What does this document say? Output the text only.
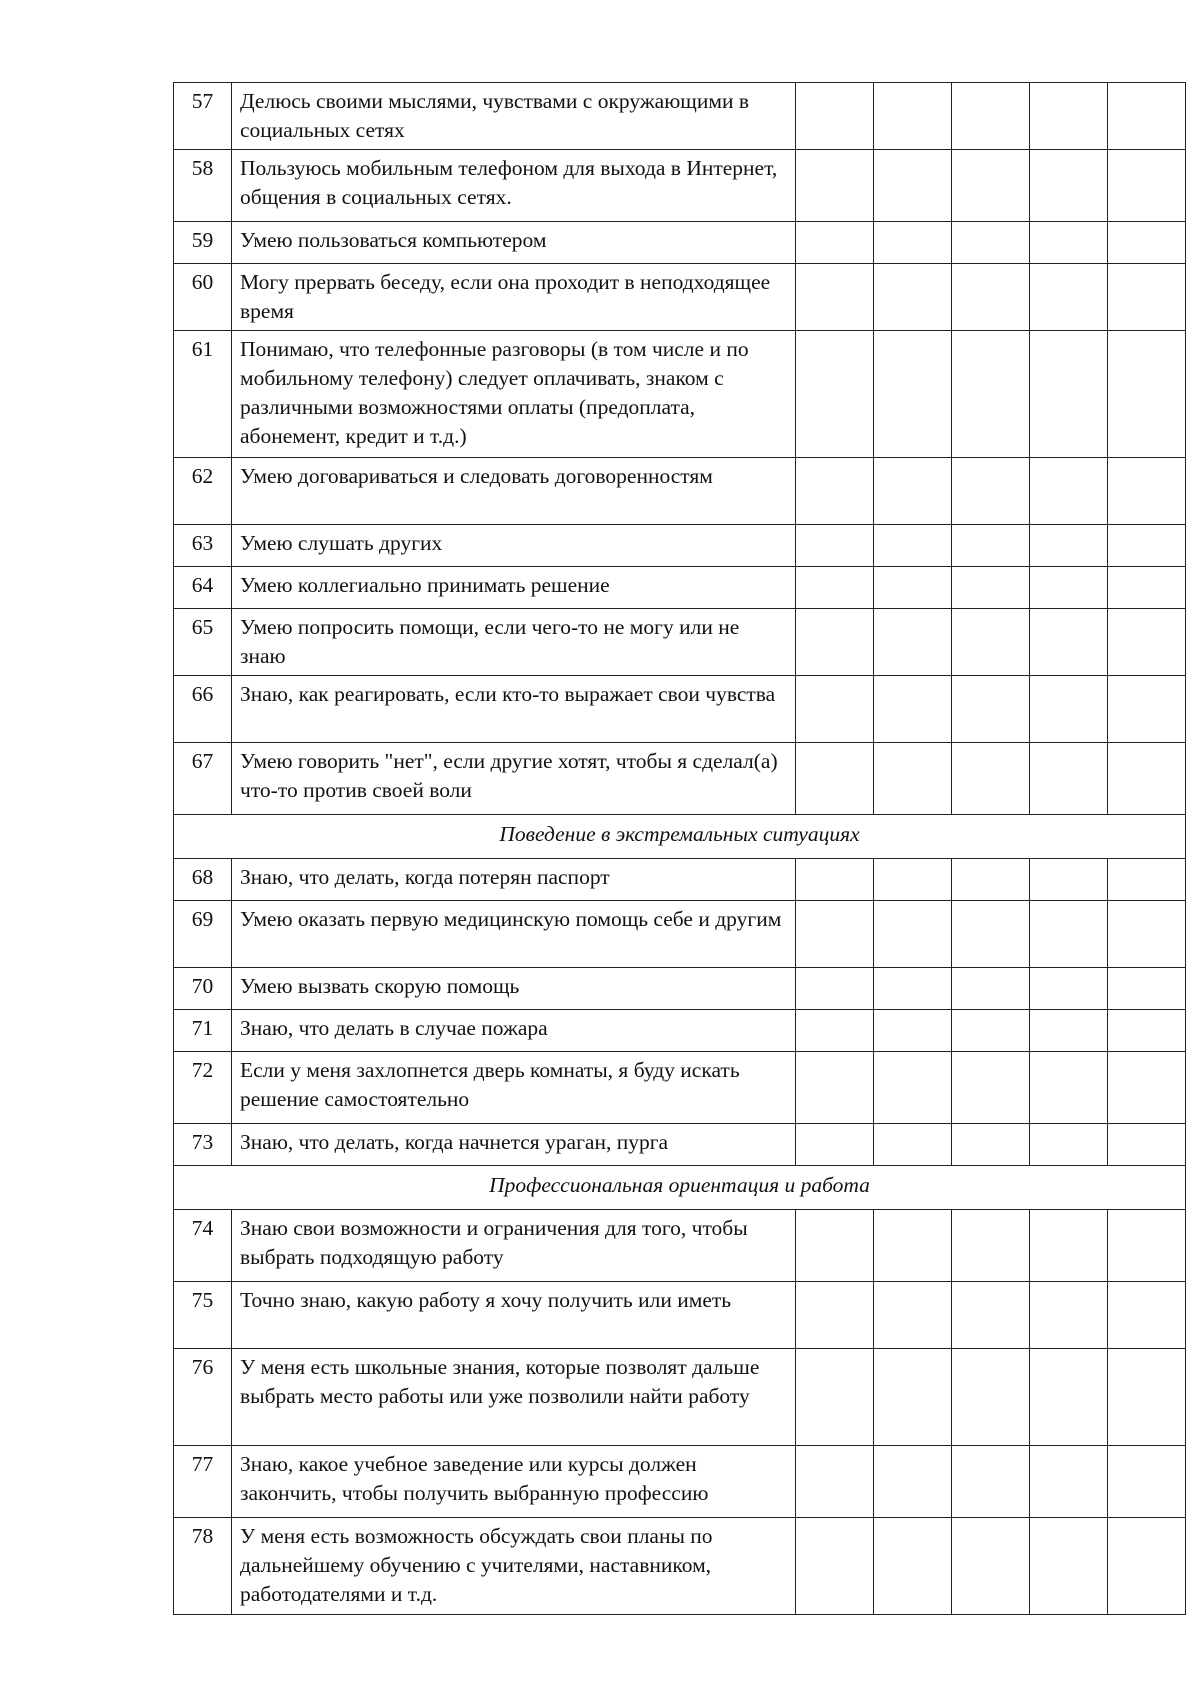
57	Делюсь своими мыслями, чувствами с окружающими в социальных сетях					
58	Пользуюсь мобильным телефоном для выхода в Интернет, общения в социальных сетях.					
59	Умею пользоваться компьютером					
60	Могу прервать беседу, если она проходит в неподходящее время					
61	Понимаю, что телефонные разговоры (в том числе и по мобильному телефону) следует оплачивать, знаком с различными возможностями оплаты (предоплата, абонемент, кредит и т.д.)					
62	Умею договариваться и следовать договоренностям					
63	Умею слушать других					
64	Умею коллегиально принимать решение					
65	Умею попросить помощи, если чего-то не могу или не знаю					
66	Знаю, как реагировать, если кто-то выражает свои чувства					
67	Умею говорить "нет", если другие хотят, чтобы я сделал(а) что-то против своей воли					
Поведение в экстремальных ситуациях						
68	Знаю, что делать, когда потерян паспорт					
69	Умею оказать первую медицинскую помощь себе и другим					
70	Умею вызвать скорую помощь					
71	Знаю, что делать в случае пожара					
72	Если у меня захлопнется дверь комнаты, я буду искать решение самостоятельно					
73	Знаю, что делать, когда начнется ураган, пурга					
Профессиональная ориентация и работа						
74	Знаю свои возможности и ограничения для того, чтобы выбрать подходящую работу					
75	Точно знаю, какую работу я хочу получить или иметь					
76	У меня есть школьные знания, которые позволят дальше выбрать место работы или уже позволили найти работу					
77	Знаю, какое учебное заведение или курсы должен закончить, чтобы получить выбранную профессию					
78	У меня есть возможность обсуждать свои планы по дальнейшему обучению с учителями, наставником, работодателями и т.д.					
